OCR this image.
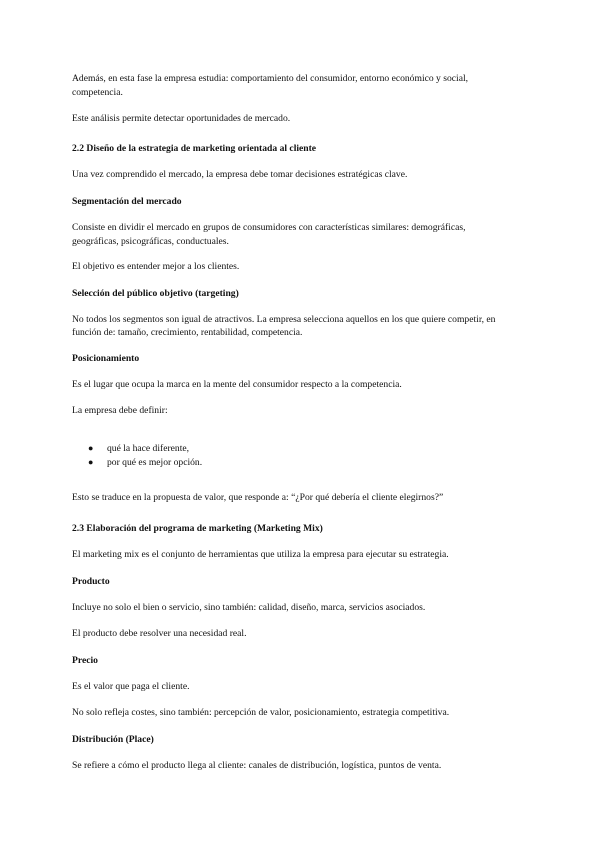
Además, en esta fase la empresa estudia: comportamiento del consumidor, entorno económico y social,
competencia.
Este análisis permite detectar oportunidades de mercado.
2.2 Diseño de la estrategia de marketing orientada al cliente
Una vez comprendido el mercado, la empresa debe tomar decisiones estratégicas clave.
Segmentación del mercado
Consiste en dividir el mercado en grupos de consumidores con características similares: demográficas,
geográficas, psicográficas, conductuales.
El objetivo es entender mejor a los clientes.
Selección del público objetivo (targeting)
No todos los segmentos son igual de atractivos. La empresa selecciona aquellos en los que quiere competir, en
función de: tamaño, crecimiento, rentabilidad, competencia.
Posicionamiento
Es el lugar que ocupa la marca en la mente del consumidor respecto a la competencia.
La empresa debe definir:
● qué la hace diferente,
● por qué es mejor opción.
Esto se traduce en la propuesta de valor, que responde a: “¿Por qué debería el cliente elegirnos?”
2.3 Elaboración del programa de marketing (Marketing Mix)
El marketing mix es el conjunto de herramientas que utiliza la empresa para ejecutar su estrategia.
Producto
Incluye no solo el bien o servicio, sino también: calidad, diseño, marca, servicios asociados.
El producto debe resolver una necesidad real.
Precio
Es el valor que paga el cliente.
No solo refleja costes, sino también: percepción de valor, posicionamiento, estrategia competitiva.
Distribución (Place)
Se refiere a cómo el producto llega al cliente: canales de distribución, logística, puntos de venta.
